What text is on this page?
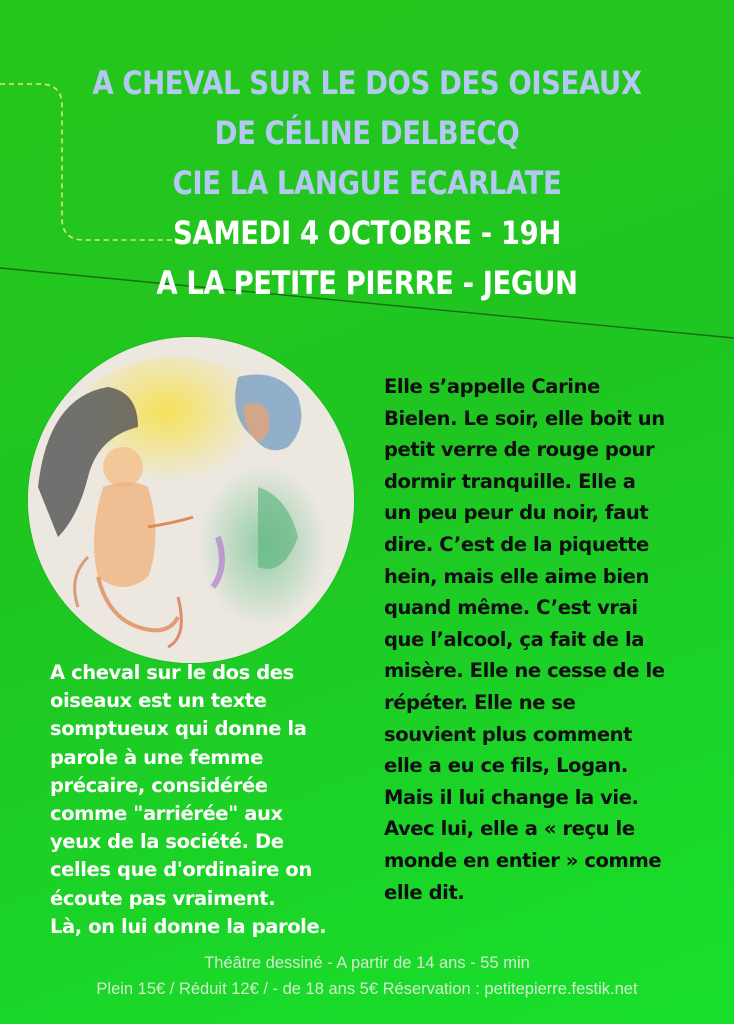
A CHEVAL SUR LE DOS DES OISEAUX
DE CÉLINE DELBECQ
CIE LA LANGUE ECARLATE
SAMEDI 4 OCTOBRE - 19H
A LA PETITE PIERRE - JEGUN
A cheval sur le dos des
oiseaux est un texte
somptueux qui donne la
parole à une femme
précaire, considérée
comme "arriérée" aux
yeux de la société. De
celles que d'ordinaire on
écoute pas vraiment.
Là, on lui donne la parole.
Elle s’appelle Carine
Bielen. Le soir, elle boit un
petit verre de rouge pour
dormir tranquille. Elle a
un peu peur du noir, faut
dire. C’est de la piquette
hein, mais elle aime bien
quand même. C’est vrai
que l’alcool, ça fait de la
misère. Elle ne cesse de le
répéter. Elle ne se
souvient plus comment
elle a eu ce fils, Logan.
Mais il lui change la vie.
Avec lui, elle a « reçu le
monde en entier » comme
elle dit.
Théâtre dessiné - A partir de 14 ans - 55 min
Plein 15€ / Réduit 12€ / - de 18 ans 5€ Réservation : petitepierre.festik.net
